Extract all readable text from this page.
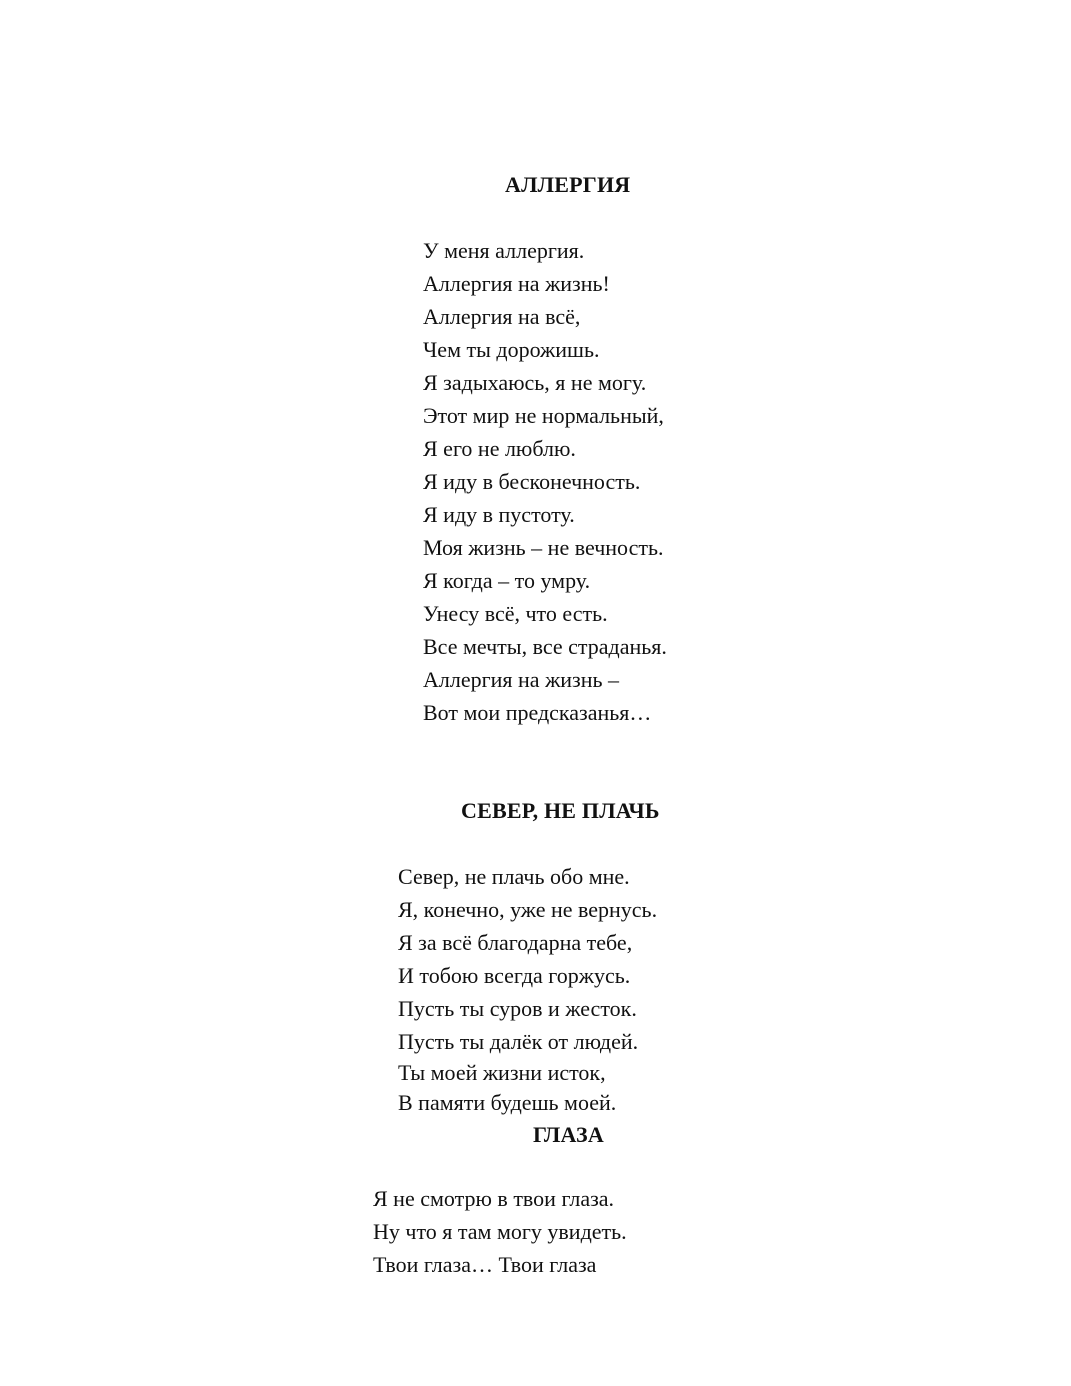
АЛЛЕРГИЯ
У меня аллергия.
Аллергия на жизнь!
Аллергия на всё,
Чем ты дорожишь.
Я задыхаюсь, я не могу.
Этот мир не нормальный,
Я его не люблю.
Я иду в бесконечность.
Я иду в пустоту.
Моя жизнь – не вечность.
Я когда – то умру.
Унесу всё, что есть.
Все мечты, все страданья.
Аллергия на жизнь –
Вот мои предсказанья…
СЕВЕР, НЕ ПЛАЧЬ
Север, не плачь обо мне.
Я, конечно, уже не вернусь.
Я за всё благодарна тебе,
И тобою всегда горжусь.
Пусть ты суров и жесток.
Пусть ты далёк от людей.
Ты моей жизни исток,
В памяти будешь моей.
ГЛАЗА
Я не смотрю в твои глаза.
Ну что я там могу увидеть.
Твои глаза… Твои глаза
